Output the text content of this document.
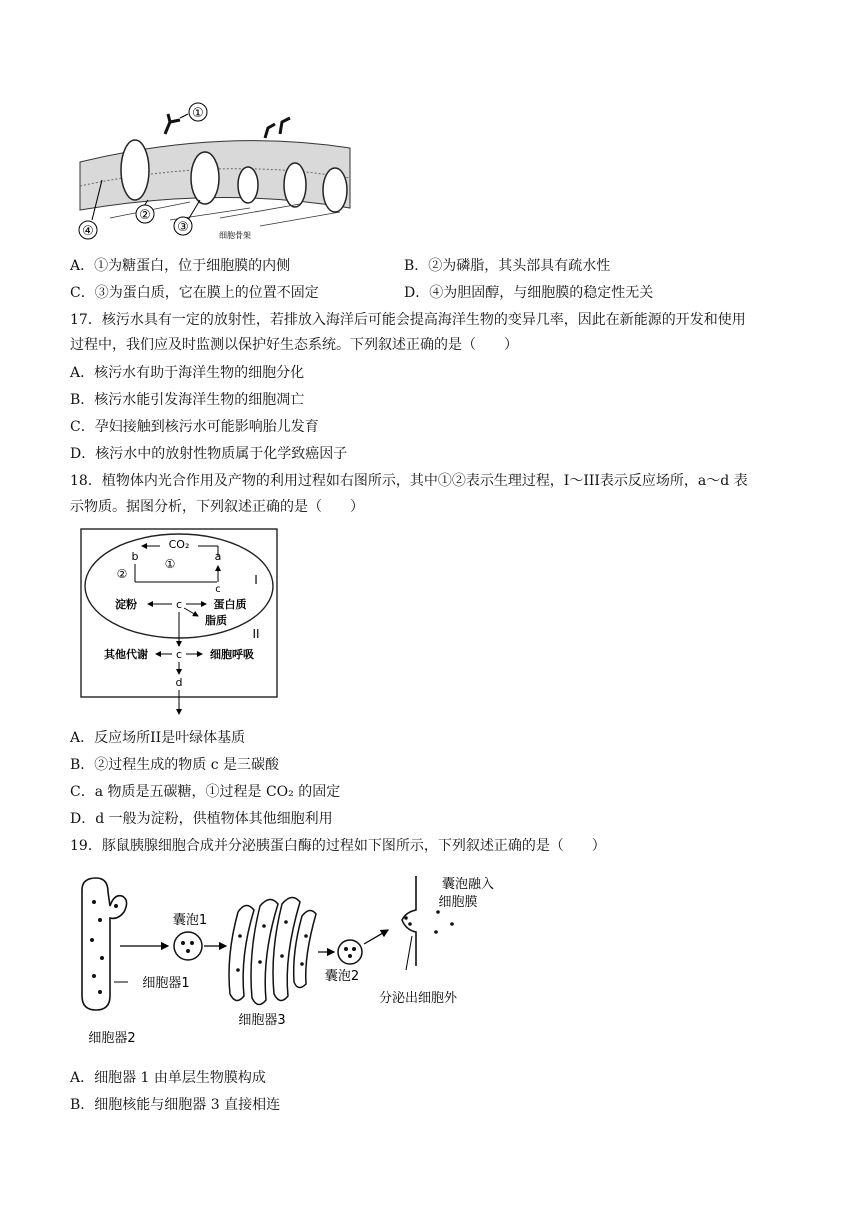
①
②
③
④	细胞骨架
A．①为糖蛋白，位于细胞膜的内侧	B．②为磷脂，其头部具有疏水性
C．③为蛋白质，它在膜上的位置不固定	D．④为胆固醇，与细胞膜的稳定性无关
17．核污水具有一定的放射性，若排放入海洋后可能会提高海洋生物的变异几率，因此在新能源的开发和使用
过程中，我们应及时监测以保护好生态系统。下列叙述正确的是（　　）
A．核污水有助于海洋生物的细胞分化
B．核污水能引发海洋生物的细胞凋亡
C．孕妇接触到核污水可能影响胎儿发育
D．核污水中的放射性物质属于化学致癌因子
18．植物体内光合作用及产物的利用过程如右图所示，其中①②表示生理过程，I～III表示反应场所，a～d 表
示物质。据图分析，下列叙述正确的是（　　）
CO₂
b	a
①
②
c
I
淀粉	c	蛋白质
脂质
II
其他代谢	c	细胞呼吸
d
A．反应场所II是叶绿体基质
B．②过程生成的物质 c 是三碳酸
C．a 物质是五碳糖，①过程是 CO₂ 的固定
D．d 一般为淀粉，供植物体其他细胞利用
19．豚鼠胰腺细胞合成并分泌胰蛋白酶的过程如下图所示，下列叙述正确的是（　　）
囊泡1
细胞器1
细胞器2
细胞器3
囊泡2
囊泡融入
细胞膜
分泌出细胞外
A．细胞器 1 由单层生物膜构成
B．细胞核能与细胞器 3 直接相连
